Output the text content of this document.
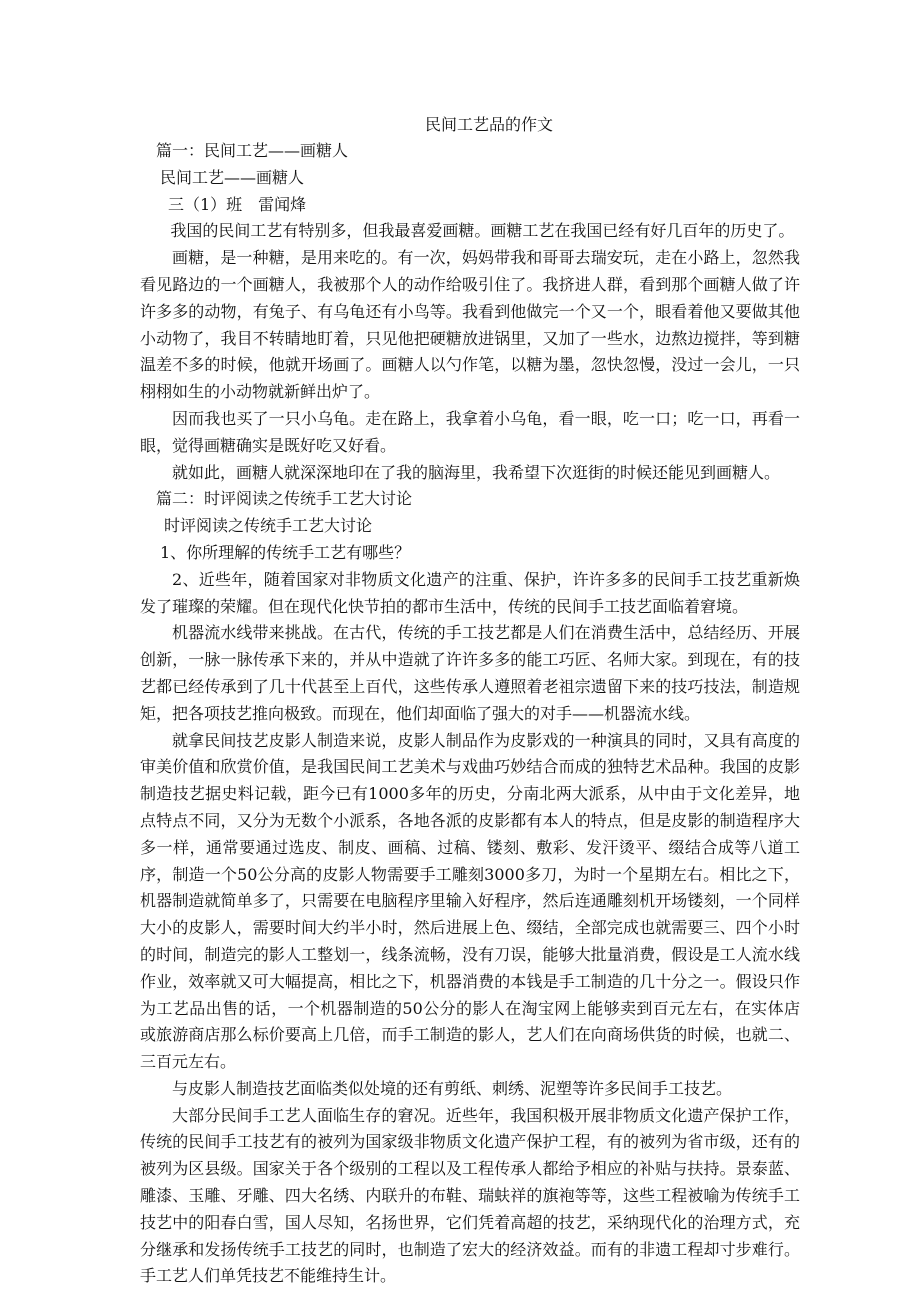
民间工艺品的作文
篇一：民间工艺——画糖人
民间工艺——画糖人
三（1）班　雷闻烽
我国的民间工艺有特别多，但我最喜爱画糖。画糖工艺在我国已经有好几百年的历史了。
画糖，是一种糖，是用来吃的。有一次，妈妈带我和哥哥去瑞安玩，走在小路上，忽然我看见路边的一个画糖人，我被那个人的动作给吸引住了。我挤进人群，看到那个画糖人做了许许多多的动物，有兔子、有乌龟还有小鸟等。我看到他做完一个又一个，眼看着他又要做其他小动物了，我目不转睛地盯着，只见他把硬糖放进锅里，又加了一些水，边熬边搅拌，等到糖温差不多的时候，他就开场画了。画糖人以勺作笔，以糖为墨，忽快忽慢，没过一会儿，一只栩栩如生的小动物就新鲜出炉了。
因而我也买了一只小乌龟。走在路上，我拿着小乌龟，看一眼，吃一口；吃一口，再看一眼，觉得画糖确实是既好吃又好看。
就如此，画糖人就深深地印在了我的脑海里，我希望下次逛街的时候还能见到画糖人。
篇二：时评阅读之传统手工艺大讨论
时评阅读之传统手工艺大讨论
1、你所理解的传统手工艺有哪些？
2、近些年，随着国家对非物质文化遗产的注重、保护，许许多多的民间手工技艺重新焕发了璀璨的荣耀。但在现代化快节拍的都市生活中，传统的民间手工技艺面临着窘境。
机器流水线带来挑战。在古代，传统的手工技艺都是人们在消费生活中，总结经历、开展创新，一脉一脉传承下来的，并从中造就了许许多多的能工巧匠、名师大家。到现在，有的技艺都已经传承到了几十代甚至上百代，这些传承人遵照着老祖宗遗留下来的技巧技法，制造规矩，把各项技艺推向极致。而现在，他们却面临了强大的对手——机器流水线。
就拿民间技艺皮影人制造来说，皮影人制品作为皮影戏的一种演具的同时，又具有高度的审美价值和欣赏价值，是我国民间工艺美术与戏曲巧妙结合而成的独特艺术品种。我国的皮影制造技艺据史料记载，距今已有1000多年的历史，分南北两大派系，从中由于文化差异，地点特点不同，又分为无数个小派系，各地各派的皮影都有本人的特点，但是皮影的制造程序大多一样，通常要通过选皮、制皮、画稿、过稿、镂刻、敷彩、发汗烫平、缀结合成等八道工序，制造一个50公分高的皮影人物需要手工雕刻3000多刀，为时一个星期左右。相比之下，机器制造就简单多了，只需要在电脑程序里输入好程序，然后连通雕刻机开场镂刻，一个同样大小的皮影人，需要时间大约半小时，然后进展上色、缀结，全部完成也就需要三、四个小时的时间，制造完的影人工整划一，线条流畅，没有刀误，能够大批量消费，假设是工人流水线作业，效率就又可大幅提高，相比之下，机器消费的本钱是手工制造的几十分之一。假设只作为工艺品出售的话，一个机器制造的50公分的影人在淘宝网上能够卖到百元左右，在实体店或旅游商店那么标价要高上几倍，而手工制造的影人，艺人们在向商场供货的时候，也就二、三百元左右。
与皮影人制造技艺面临类似处境的还有剪纸、刺绣、泥塑等许多民间手工技艺。
大部分民间手工艺人面临生存的窘况。近些年，我国积极开展非物质文化遗产保护工作，传统的民间手工技艺有的被列为国家级非物质文化遗产保护工程，有的被列为省市级，还有的被列为区县级。国家关于各个级别的工程以及工程传承人都给予相应的补贴与扶持。景泰蓝、雕漆、玉雕、牙雕、四大名绣、内联升的布鞋、瑞蚨祥的旗袍等等，这些工程被喻为传统手工技艺中的阳春白雪，国人尽知，名扬世界，它们凭着高超的技艺，采纳现代化的治理方式，充分继承和发扬传统手工技艺的同时，也制造了宏大的经济效益。而有的非遗工程却寸步难行。手工艺人们单凭技艺不能维持生计。
